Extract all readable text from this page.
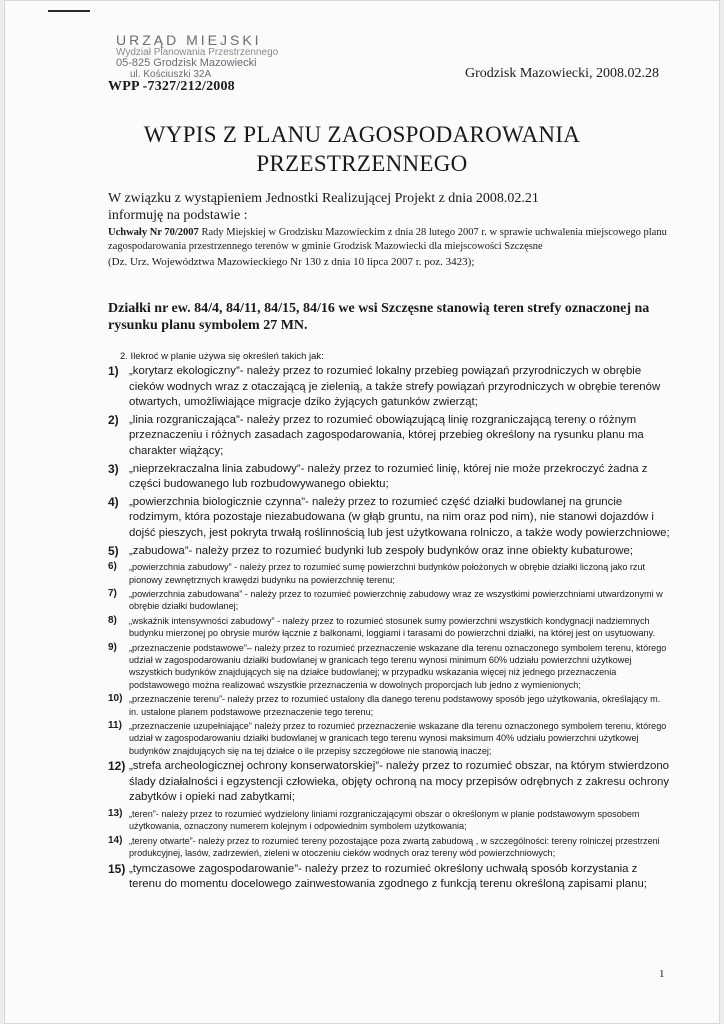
URZĄD MIEJSKI
Wydział Planowania Przestrzennego
05-825 Grodzisk Mazowiecki
ul. Kościuszki 32A
WPP -7327/212/2008
Grodzisk Mazowiecki, 2008.02.28
WYPIS Z PLANU ZAGOSPODAROWANIA
PRZESTRZENNEGO

W związku z wystąpieniem Jednostki Realizującej Projekt z dnia 2008.02.21

informuję na podstawie :

Uchwały Nr 70/2007 Rady Miejskiej w Grodzisku Mazowieckim z dnia 28 lutego 2007 r. w sprawie uchwalenia miejscowego planu zagospodarowania przestrzennego terenów w gminie Grodzisk Mazowiecki dla miejscowości Szczęsne

(Dz. Urz. Województwa Mazowieckiego Nr 130 z dnia 10 lipca 2007 r. poz. 3423);

Działki nr ew. 84/4, 84/11, 84/15, 84/16 we wsi Szczęsne stanowią teren strefy oznaczonej na rysunku planu symbolem 27 MN.
2. Ilekroć w planie używa się określeń takich jak:
1) „korytarz ekologiczny”- należy przez to rozumieć lokalny przebieg powiązań przyrodniczych w obrębie cieków wodnych wraz z otaczającą je zielenią, a także strefy powiązań przyrodniczych w obrębie terenów otwartych, umożliwiające migracje dziko żyjących gatunków zwierząt;
2) „linia rozgraniczająca”- należy przez to rozumieć obowiązującą linię rozgraniczającą tereny o różnym przeznaczeniu i różnych zasadach zagospodarowania, której przebieg określony na rysunku planu ma charakter wiążący;
3) „nieprzekraczalna linia zabudowy”- należy przez to rozumieć linię, której nie może przekroczyć żadna z części budowanego lub rozbudowywanego obiektu;
4) „powierzchnia biologicznie czynna”- należy przez to rozumieć część działki budowlanej na gruncie rodzimym, która pozostaje niezabudowana (w głąb gruntu, na nim oraz pod nim), nie stanowi dojazdów i dojść pieszych, jest pokryta trwałą roślinnością lub jest użytkowana rolniczo, a także wody powierzchniowe;
5) „zabudowa”- należy przez to rozumieć budynki lub zespoły budynków oraz inne obiekty kubaturowe;
6) „powierzchnia zabudowy” - należy przez to rozumieć sumę powierzchni budynków położonych w obrębie działki liczoną jako rzut pionowy zewnętrznych krawędzi budynku na powierzchnię terenu;
7) „powierzchnia zabudowana” - należy przez to rozumieć powierzchnię zabudowy wraz ze wszystkimi powierzchniami utwardzonymi w obrębie działki budowlanej;
8) „wskaźnik intensywności zabudowy” - należy przez to rozumieć stosunek sumy powierzchni wszystkich kondygnacji nadziemnych budynku mierzonej po obrysie murów łącznie z balkonami, loggiami i tarasami do powierzchni działki, na której jest on usytuowany.
9) „przeznaczenie podstawowe”– należy przez to rozumieć przeznaczenie wskazane dla terenu oznaczonego symbolem terenu, którego udział w zagospodarowaniu działki budowlanej w granicach tego terenu wynosi minimum 60% udziału powierzchni użytkowej wszystkich budynków znajdujących się na działce budowlanej; w przypadku wskazania więcej niż jednego przeznaczenia podstawowego można realizować wszystkie przeznaczenia w dowolnych proporcjach lub jedno z wymienionych;
10) „przeznaczenie terenu”- należy przez to rozumieć ustalony dla danego terenu podstawowy sposób jego użytkowania, określający m. in. ustalone planem podstawowe przeznaczenie tego terenu;
11) „przeznaczenie uzupełniające” należy przez to rozumieć przeznaczenie wskazane dla terenu oznaczonego symbolem terenu, którego udział w zagospodarowaniu działki budowlanej w granicach tego terenu wynosi maksimum 40% udziału powierzchni użytkowej budynków znajdujących się na tej działce o ile przepisy szczegółowe nie stanowią inaczej;
12) „strefa archeologicznej ochrony konserwatorskiej”- należy przez to rozumieć obszar, na którym stwierdzono ślady działalności i egzystencji człowieka, objęty ochroną na mocy przepisów odrębnych z zakresu ochrony zabytków i opieki nad zabytkami;
13) „teren”- należy przez to rozumieć wydzielony liniami rozgraniczającymi obszar o określonym w planie podstawowym sposobem użytkowania, oznaczony numerem kolejnym i odpowiednim symbolem użytkowania;
14) „tereny otwarte”- należy przez to rozumieć tereny pozostające poza zwartą zabudową , w szczególności: tereny rolniczej przestrzeni produkcyjnej, lasów, zadrzewień, zieleni w otoczeniu cieków wodnych oraz tereny wód powierzchniowych;
15) „tymczasowe zagospodarowanie”- należy przez to rozumieć określony uchwałą sposób korzystania z terenu do momentu docelowego zainwestowania zgodnego z funkcją terenu określoną zapisami planu;
1
